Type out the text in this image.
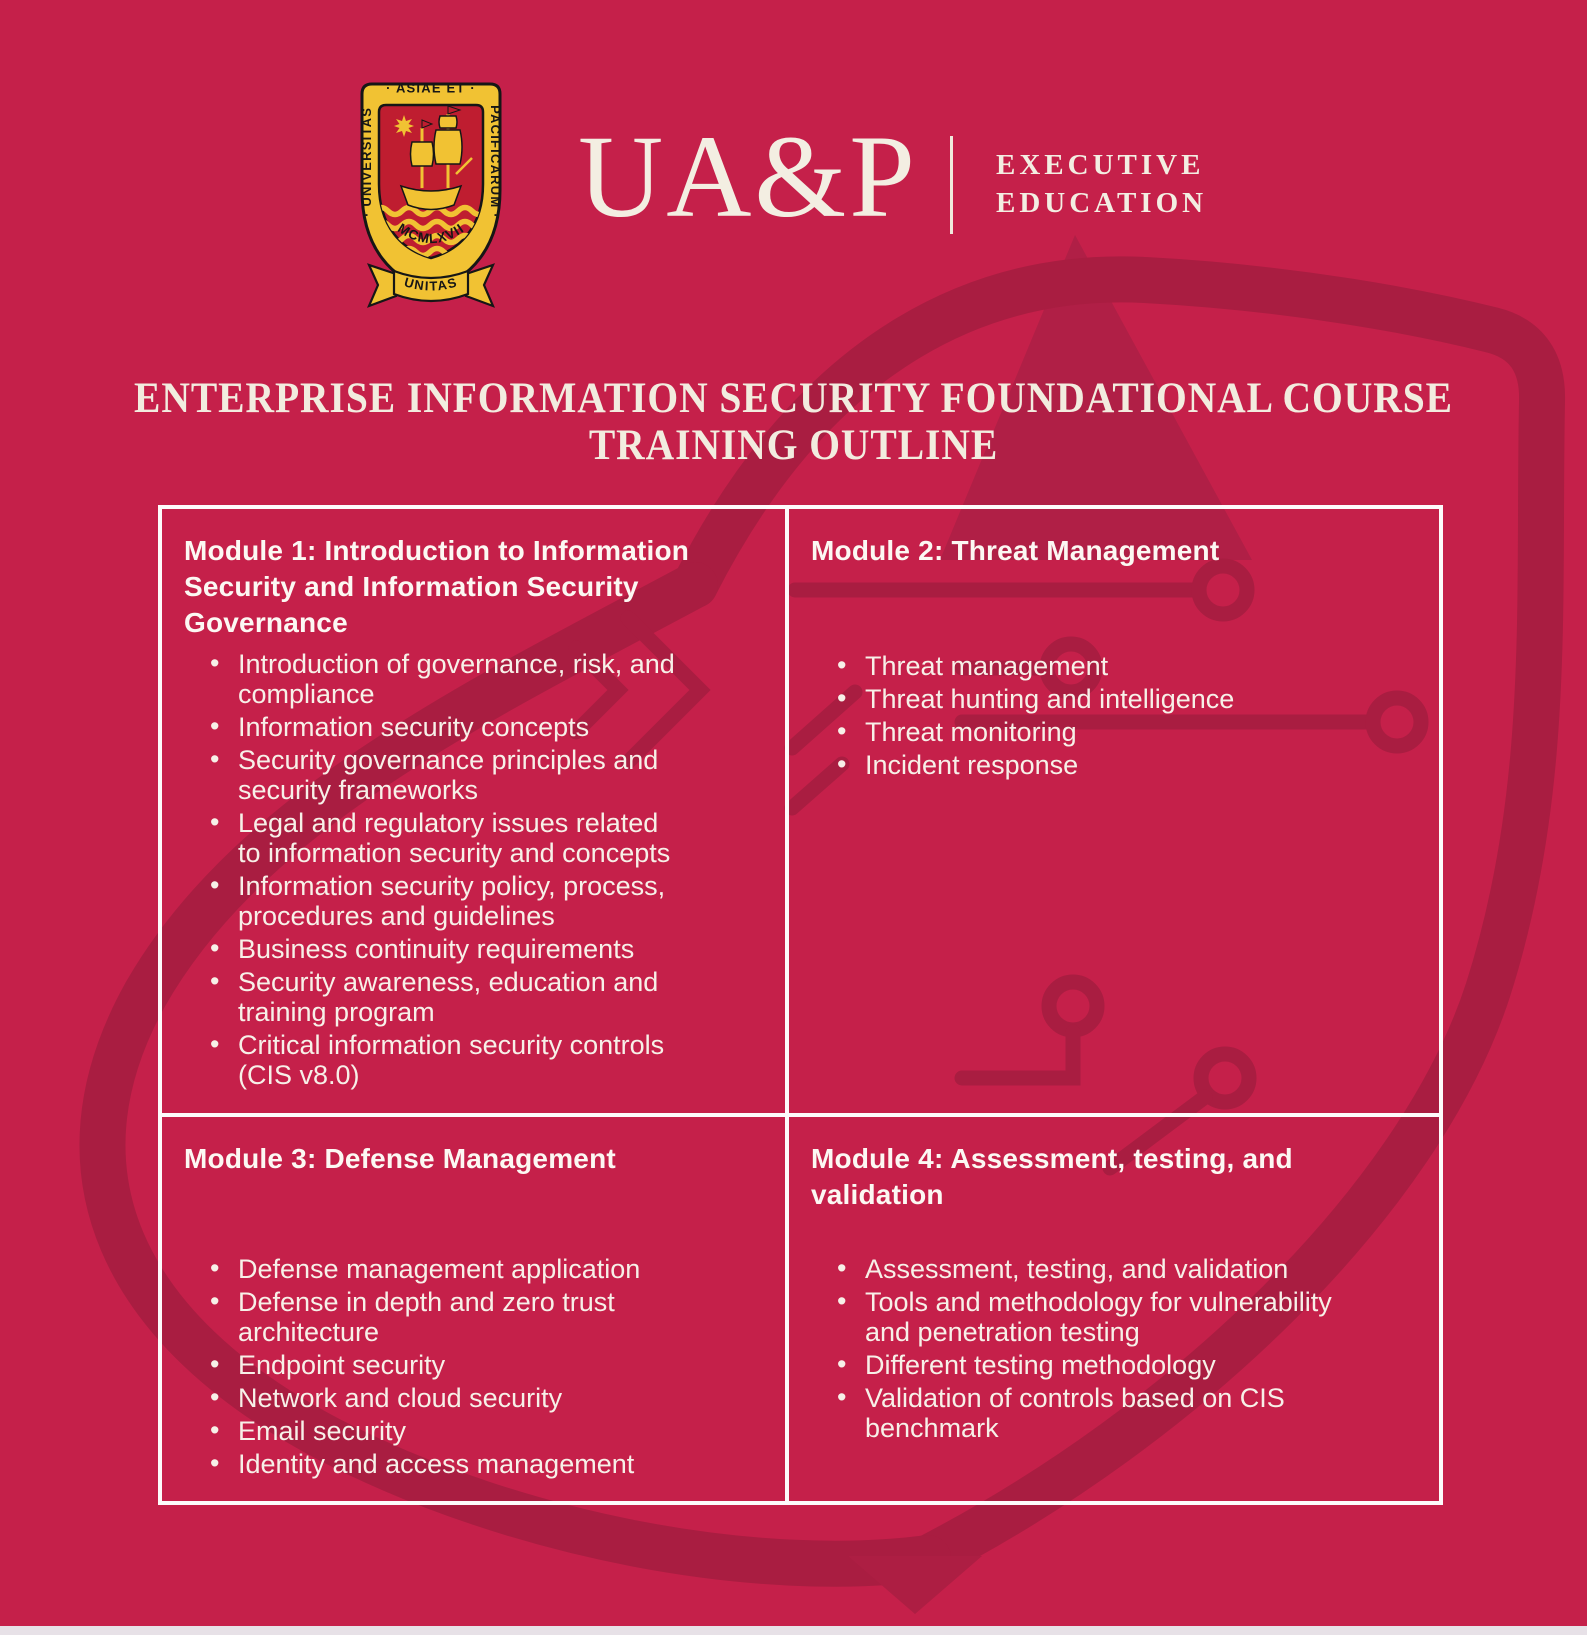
· UNIVERSITAS
· ASIAE ET ·
PACIFICARUM ·
MCMLXVII
UNITAS
UA&P	EXECUTIVE
EDUCATION
ENTERPRISE INFORMATION SECURITY FOUNDATIONAL COURSE
TRAINING OUTLINE
Module 1: Introduction to Information Security and Information Security Governance
• Introduction of governance, risk, and compliance
• Information security concepts
• Security governance principles and security frameworks
• Legal and regulatory issues related to information security and concepts
• Information security policy, process, procedures and guidelines
• Business continuity requirements
• Security awareness, education and training program
• Critical information security controls (CIS v8.0)
Module 2: Threat Management
• Threat management
• Threat hunting and intelligence
• Threat monitoring
• Incident response
Module 3: Defense Management
• Defense management application
• Defense in depth and zero trust architecture
• Endpoint security
• Network and cloud security
• Email security
• Identity and access management
Module 4: Assessment, testing, and validation
• Assessment, testing, and validation
• Tools and methodology for vulnerability and penetration testing
• Different testing methodology
• Validation of controls based on CIS benchmark
